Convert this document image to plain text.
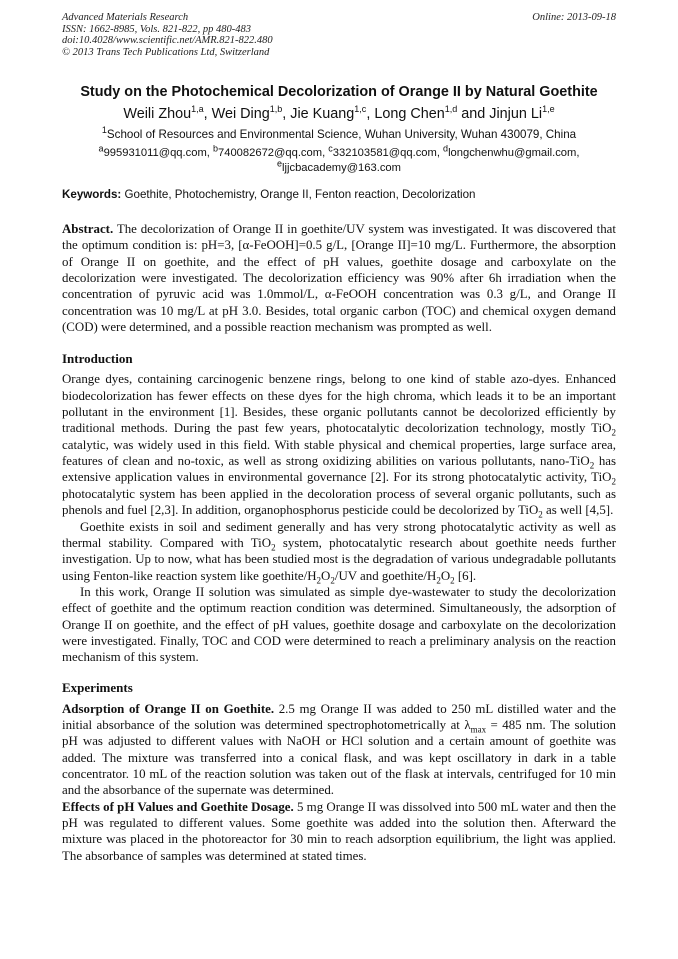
Advanced Materials Research
ISSN: 1662-8985, Vols. 821-822, pp 480-483
doi:10.4028/www.scientific.net/AMR.821-822.480
© 2013 Trans Tech Publications Ltd, Switzerland
Online: 2013-09-18
Study on the Photochemical Decolorization of Orange II by Natural Goethite
Weili Zhou$^{1,a}$, Wei Ding$^{1,b}$, Jie Kuang$^{1,c}$, Long Chen$^{1,d}$ and Jinjun Li$^{1,e}$
$^1$School of Resources and Environmental Science, Wuhan University, Wuhan 430079, China
$^a$995931011@qq.com, $^b$740082672@qq.com, $^c$332103581@qq.com, $^d$longchenwhu@gmail.com,
$^e$ljjcbacademy@163.com
Keywords: Goethite, Photochemistry, Orange II, Fenton reaction, Decolorization

Abstract. The decolorization of Orange II in goethite/UV system was investigated. It was discovered that the optimum condition is: pH=3, [α-FeOOH]=0.5 g/L, [Orange II]=10 mg/L. Furthermore, the absorption of Orange II on goethite, and the effect of pH values, goethite dosage and carboxylate on the decolorization were investigated. The decolorization efficiency was 90% after 6h irradiation when the concentration of pyruvic acid was 1.0mmol/L, α-FeOOH concentration was 0.3 g/L, and Orange II concentration was 10 mg/L at pH 3.0. Besides, total organic carbon (TOC) and chemical oxygen demand (COD) were determined, and a possible reaction mechanism was prompted as well.

Introduction

Orange dyes, containing carcinogenic benzene rings, belong to one kind of stable azo-dyes. Enhanced biodecolorization has fewer effects on these dyes for the high chroma, which leads it to be an important pollutant in the environment [1]. Besides, these organic pollutants cannot be decolorized efficiently by traditional methods. During the past few years, photocatalytic decolorization technology, mostly TiO$_2$ catalytic, was widely used in this field. With stable physical and chemical properties, large surface area, features of clean and no-toxic, as well as strong oxidizing abilities on various pollutants, nano-TiO$_2$ has extensive application values in environmental governance [2]. For its strong photocatalytic activity, TiO$_2$ photocatalytic system has been applied in the decoloration process of several organic pollutants, such as phenols and fuel [2,3]. In addition, organophosphorus pesticide could be decolorized by TiO$_2$ as well [4,5].

Goethite exists in soil and sediment generally and has very strong photocatalytic activity as well as thermal stability. Compared with TiO$_2$ system, photocatalytic research about goethite needs further investigation. Up to now, what has been studied most is the degradation of various undegradable pollutants using Fenton-like reaction system like goethite/$H_2O_2/UV$ and goethite/$H_2O_2$ [6].

In this work, Orange II solution was simulated as simple dye-wastewater to study the decolorization effect of goethite and the optimum reaction condition was determined. Simultaneously, the adsorption of Orange II on goethite, and the effect of pH values, goethite dosage and carboxylate on the decolorization were investigated. Finally, TOC and COD were determined to reach a preliminary analysis on the reaction mechanism of this system.

Experiments

Adsorption of Orange II on Goethite. 2.5 mg Orange II was added to 250 mL distilled water and the initial absorbance of the solution was determined spectrophotometrically at $\lambda_{max} = 485$ nm. The solution pH was adjusted to different values with NaOH or HCl solution and a certain amount of goethite was added. The mixture was transferred into a conical flask, and was kept oscillatory in dark in a table concentrator. 10 mL of the reaction solution was taken out of the flask at intervals, centrifuged for 10 min and the absorbance of the supernate was determined.

Effects of pH Values and Goethite Dosage. 5 mg Orange II was dissolved into 500 mL water and then the pH was regulated to different values. Some goethite was added into the solution then. Afterward the mixture was placed in the photoreactor for 30 min to reach adsorption equilibrium, the light was applied. The absorbance of samples was determined at stated times.
